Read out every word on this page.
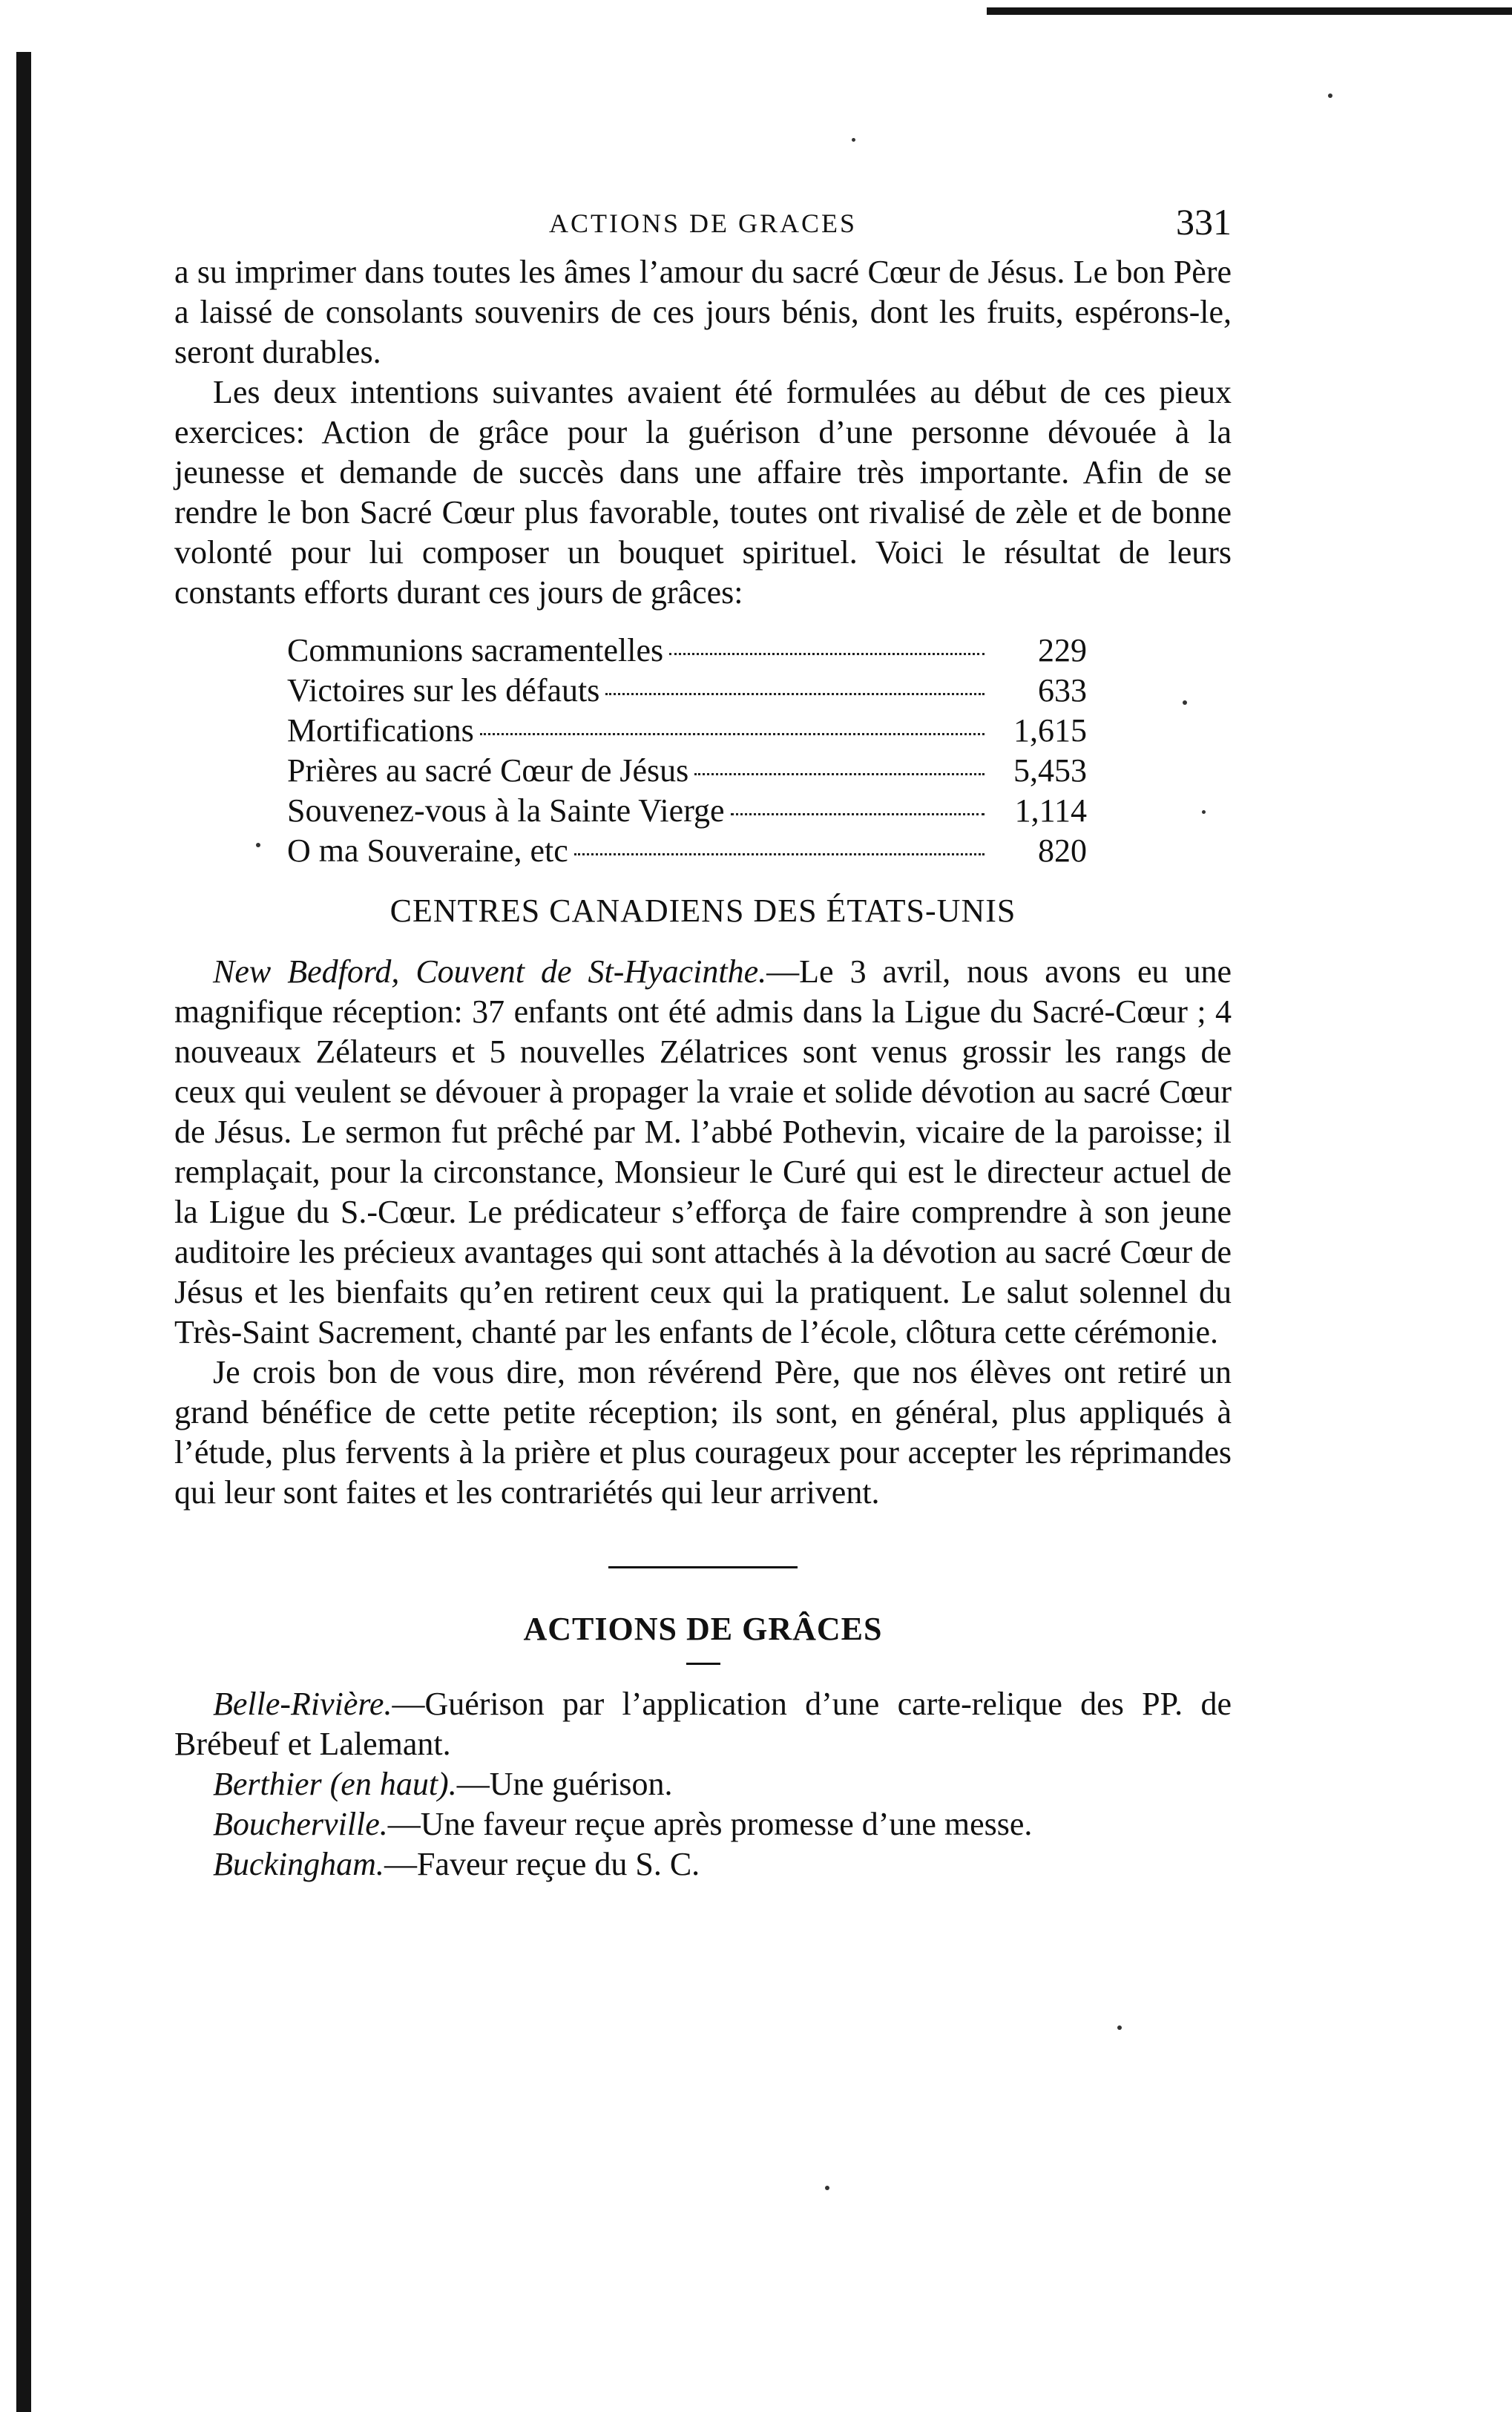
ACTIONS DE GRACES	331

a su imprimer dans toutes les âmes l’amour du sacré Cœur de Jésus. Le bon Père a laissé de consolants souvenirs de ces jours bénis, dont les fruits, espérons-le, seront durables.

Les deux intentions suivantes avaient été formulées au début de ces pieux exercices: Action de grâce pour la guérison d’une personne dévouée à la jeunesse et demande de succès dans une affaire très importante. Afin de se rendre le bon Sacré Cœur plus favorable, toutes ont rivalisé de zèle et de bonne volonté pour lui composer un bouquet spirituel. Voici le résultat de leurs constants efforts durant ces jours de grâces:

Communions sacramentelles	229
Victoires sur les défauts	633
Mortifications	1,615
Prières au sacré Cœur de Jésus	5,453
Souvenez-vous à la Sainte Vierge	1,114
O ma Souveraine, etc	820
CENTRES CANADIENS DES ÉTATS-UNIS

New Bedford, Couvent de St-Hyacinthe.—Le 3 avril, nous avons eu une magnifique réception: 37 enfants ont été admis dans la Ligue du Sacré-Cœur ; 4 nouveaux Zélateurs et 5 nouvelles Zélatrices sont venus grossir les rangs de ceux qui veulent se dévouer à propager la vraie et solide dévotion au sacré Cœur de Jésus. Le sermon fut prêché par M. l’abbé Pothevin, vicaire de la paroisse; il remplaçait, pour la circonstance, Monsieur le Curé qui est le directeur actuel de la Ligue du S.-Cœur. Le prédicateur s’efforça de faire comprendre à son jeune auditoire les précieux avantages qui sont attachés à la dévotion au sacré Cœur de Jésus et les bienfaits qu’en retirent ceux qui la pratiquent. Le salut solennel du Très-Saint Sacrement, chanté par les enfants de l’école, clôtura cette cérémonie.

Je crois bon de vous dire, mon révérend Père, que nos élèves ont retiré un grand bénéfice de cette petite réception; ils sont, en général, plus appliqués à l’étude, plus fervents à la prière et plus courageux pour accepter les réprimandes qui leur sont faites et les contrariétés qui leur arrivent.

ACTIONS DE GRÂCES

Belle-Rivière.—Guérison par l’application d’une carte-relique des PP. de Brébeuf et Lalemant.

Berthier (en haut).—Une guérison.

Boucherville.—Une faveur reçue après promesse d’une messe.

Buckingham.—Faveur reçue du S. C.
